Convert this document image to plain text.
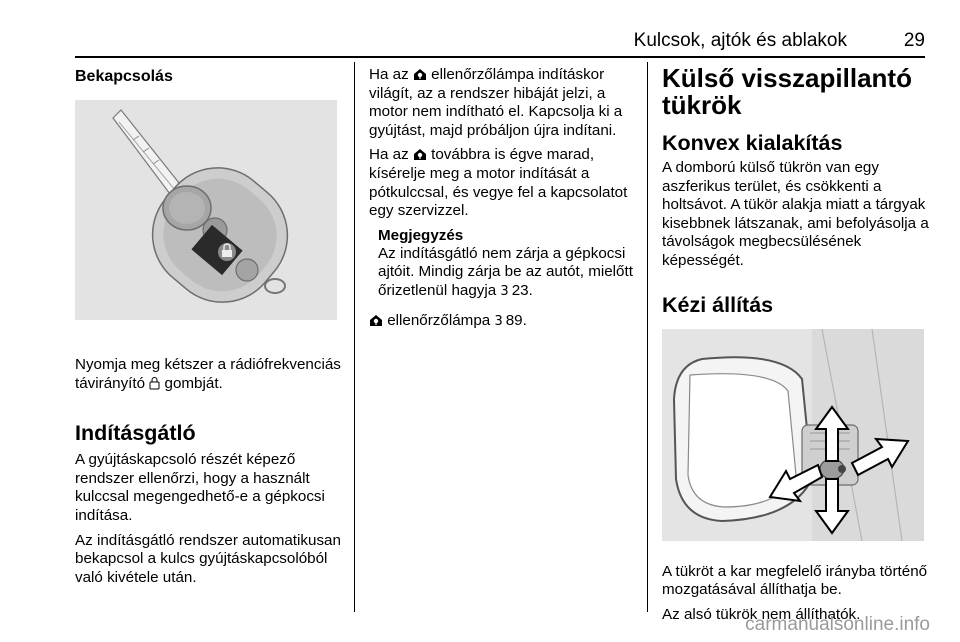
Kulcsok, ajtók és ablakok	29
Bekapcsolás
Nyomja meg kétszer a rádiófrekvenciás távirányító  gombját.
Indításgátló
A gyújtáskapcsoló részét képező rendszer ellenőrzi, hogy a használt kulccsal megengedhető-e a gépkocsi indítása.
Az indításgátló rendszer automatikusan bekapcsol a kulcs gyújtáskapcsolóból való kivétele után.
Ha az  ellenőrzőlámpa indításkor világít, az a rendszer hibáját jelzi, a motor nem indítható el. Kapcsolja ki a gyújtást, majd próbáljon újra indítani.
Ha az  továbbra is égve marad, kísérelje meg a motor indítását a pótkulccsal, és vegye fel a kapcsolatot egy szervizzel.
Megjegyzés
Az indításgátló nem zárja a gépkocsi ajtóit. Mindig zárja be az autót, mielőtt őrizetlenül hagyja 3 23.
ellenőrzőlámpa 3 89.
Külső visszapillantó tükrök
Konvex kialakítás
A domború külső tükrön van egy aszferikus terület, és csökkenti a holtsávot. A tükör alakja miatt a tárgyak kisebbnek látszanak, ami befolyásolja a távolságok megbecsülésének képességét.
Kézi állítás
A tükröt a kar megfelelő irányba történő mozgatásával állíthatja be.
Az alsó tükrök nem állíthatók.
carmanualsonline.info
